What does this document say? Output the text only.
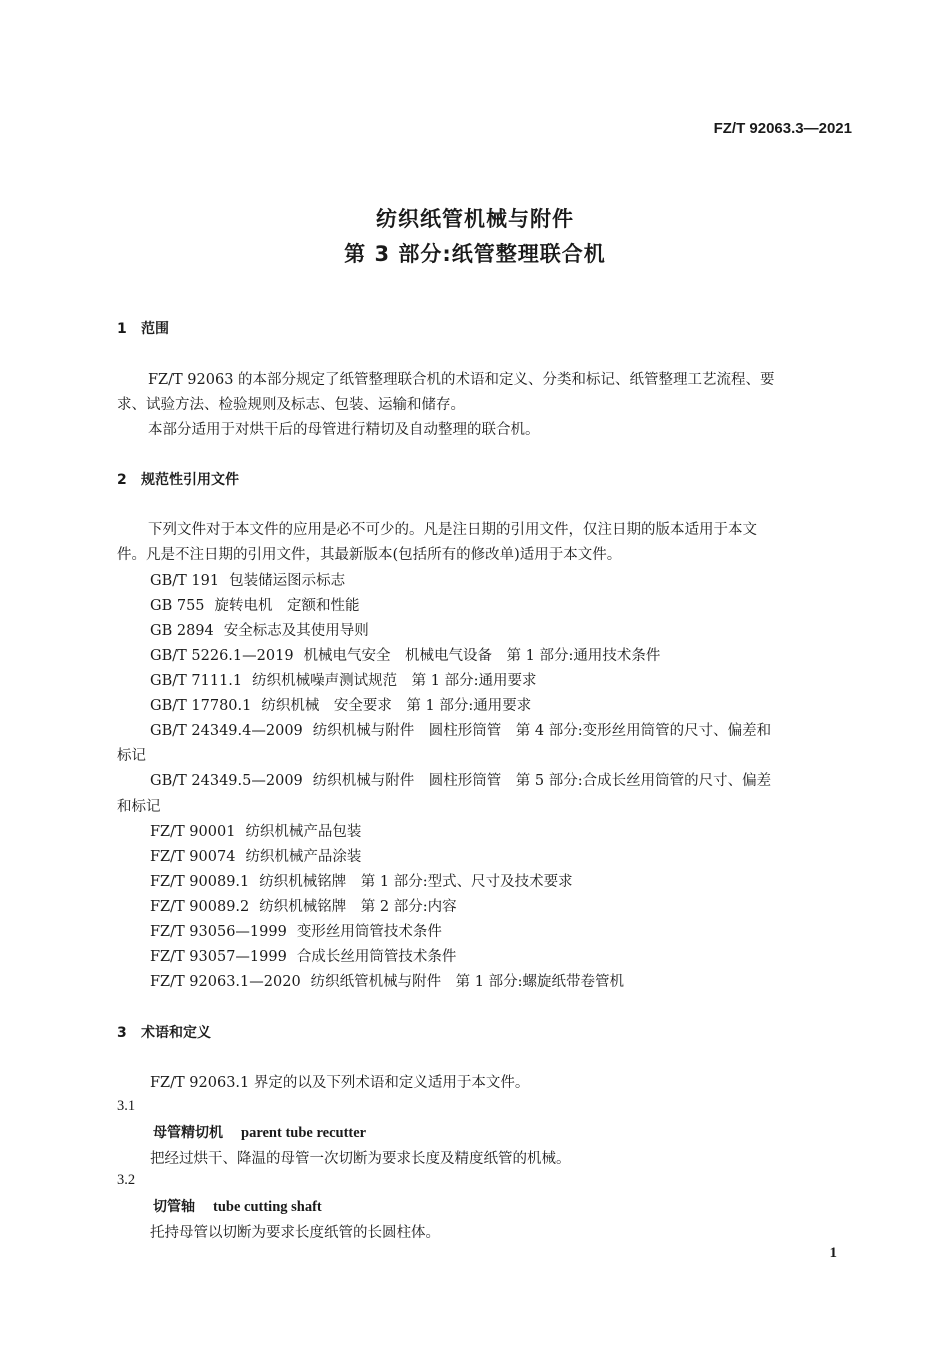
FZ/T 92063.3—2021
纺织纸管机械与附件
第 3 部分:纸管整理联合机
1 范围
FZ/T 92063 的本部分规定了纸管整理联合机的术语和定义、分类和标记、纸管整理工艺流程、要
求、试验方法、检验规则及标志、包装、运输和储存。
本部分适用于对烘干后的母管进行精切及自动整理的联合机。
2 规范性引用文件
下列文件对于本文件的应用是必不可少的。凡是注日期的引用文件，仅注日期的版本适用于本文
件。凡是不注日期的引用文件，其最新版本(包括所有的修改单)适用于本文件。
GB/T 191 包装储运图示标志
GB 755 旋转电机　定额和性能
GB 2894 安全标志及其使用导则
GB/T 5226.1—2019 机械电气安全　机械电气设备　第 1 部分:通用技术条件
GB/T 7111.1 纺织机械噪声测试规范　第 1 部分:通用要求
GB/T 17780.1 纺织机械　安全要求　第 1 部分:通用要求
GB/T 24349.4—2009 纺织机械与附件　圆柱形筒管　第 4 部分:变形丝用筒管的尺寸、偏差和
标记
GB/T 24349.5—2009 纺织机械与附件　圆柱形筒管　第 5 部分:合成长丝用筒管的尺寸、偏差
和标记
FZ/T 90001 纺织机械产品包装
FZ/T 90074 纺织机械产品涂装
FZ/T 90089.1 纺织机械铭牌　第 1 部分:型式、尺寸及技术要求
FZ/T 90089.2 纺织机械铭牌　第 2 部分:内容
FZ/T 93056—1999 变形丝用筒管技术条件
FZ/T 93057—1999 合成长丝用筒管技术条件
FZ/T 92063.1—2020 纺织纸管机械与附件　第 1 部分:螺旋纸带卷管机
3 术语和定义
FZ/T 92063.1 界定的以及下列术语和定义适用于本文件。
3.1
母管精切机 parent tube recutter
把经过烘干、降温的母管一次切断为要求长度及精度纸管的机械。
3.2
切管轴 tube cutting shaft
托持母管以切断为要求长度纸管的长圆柱体。
1
